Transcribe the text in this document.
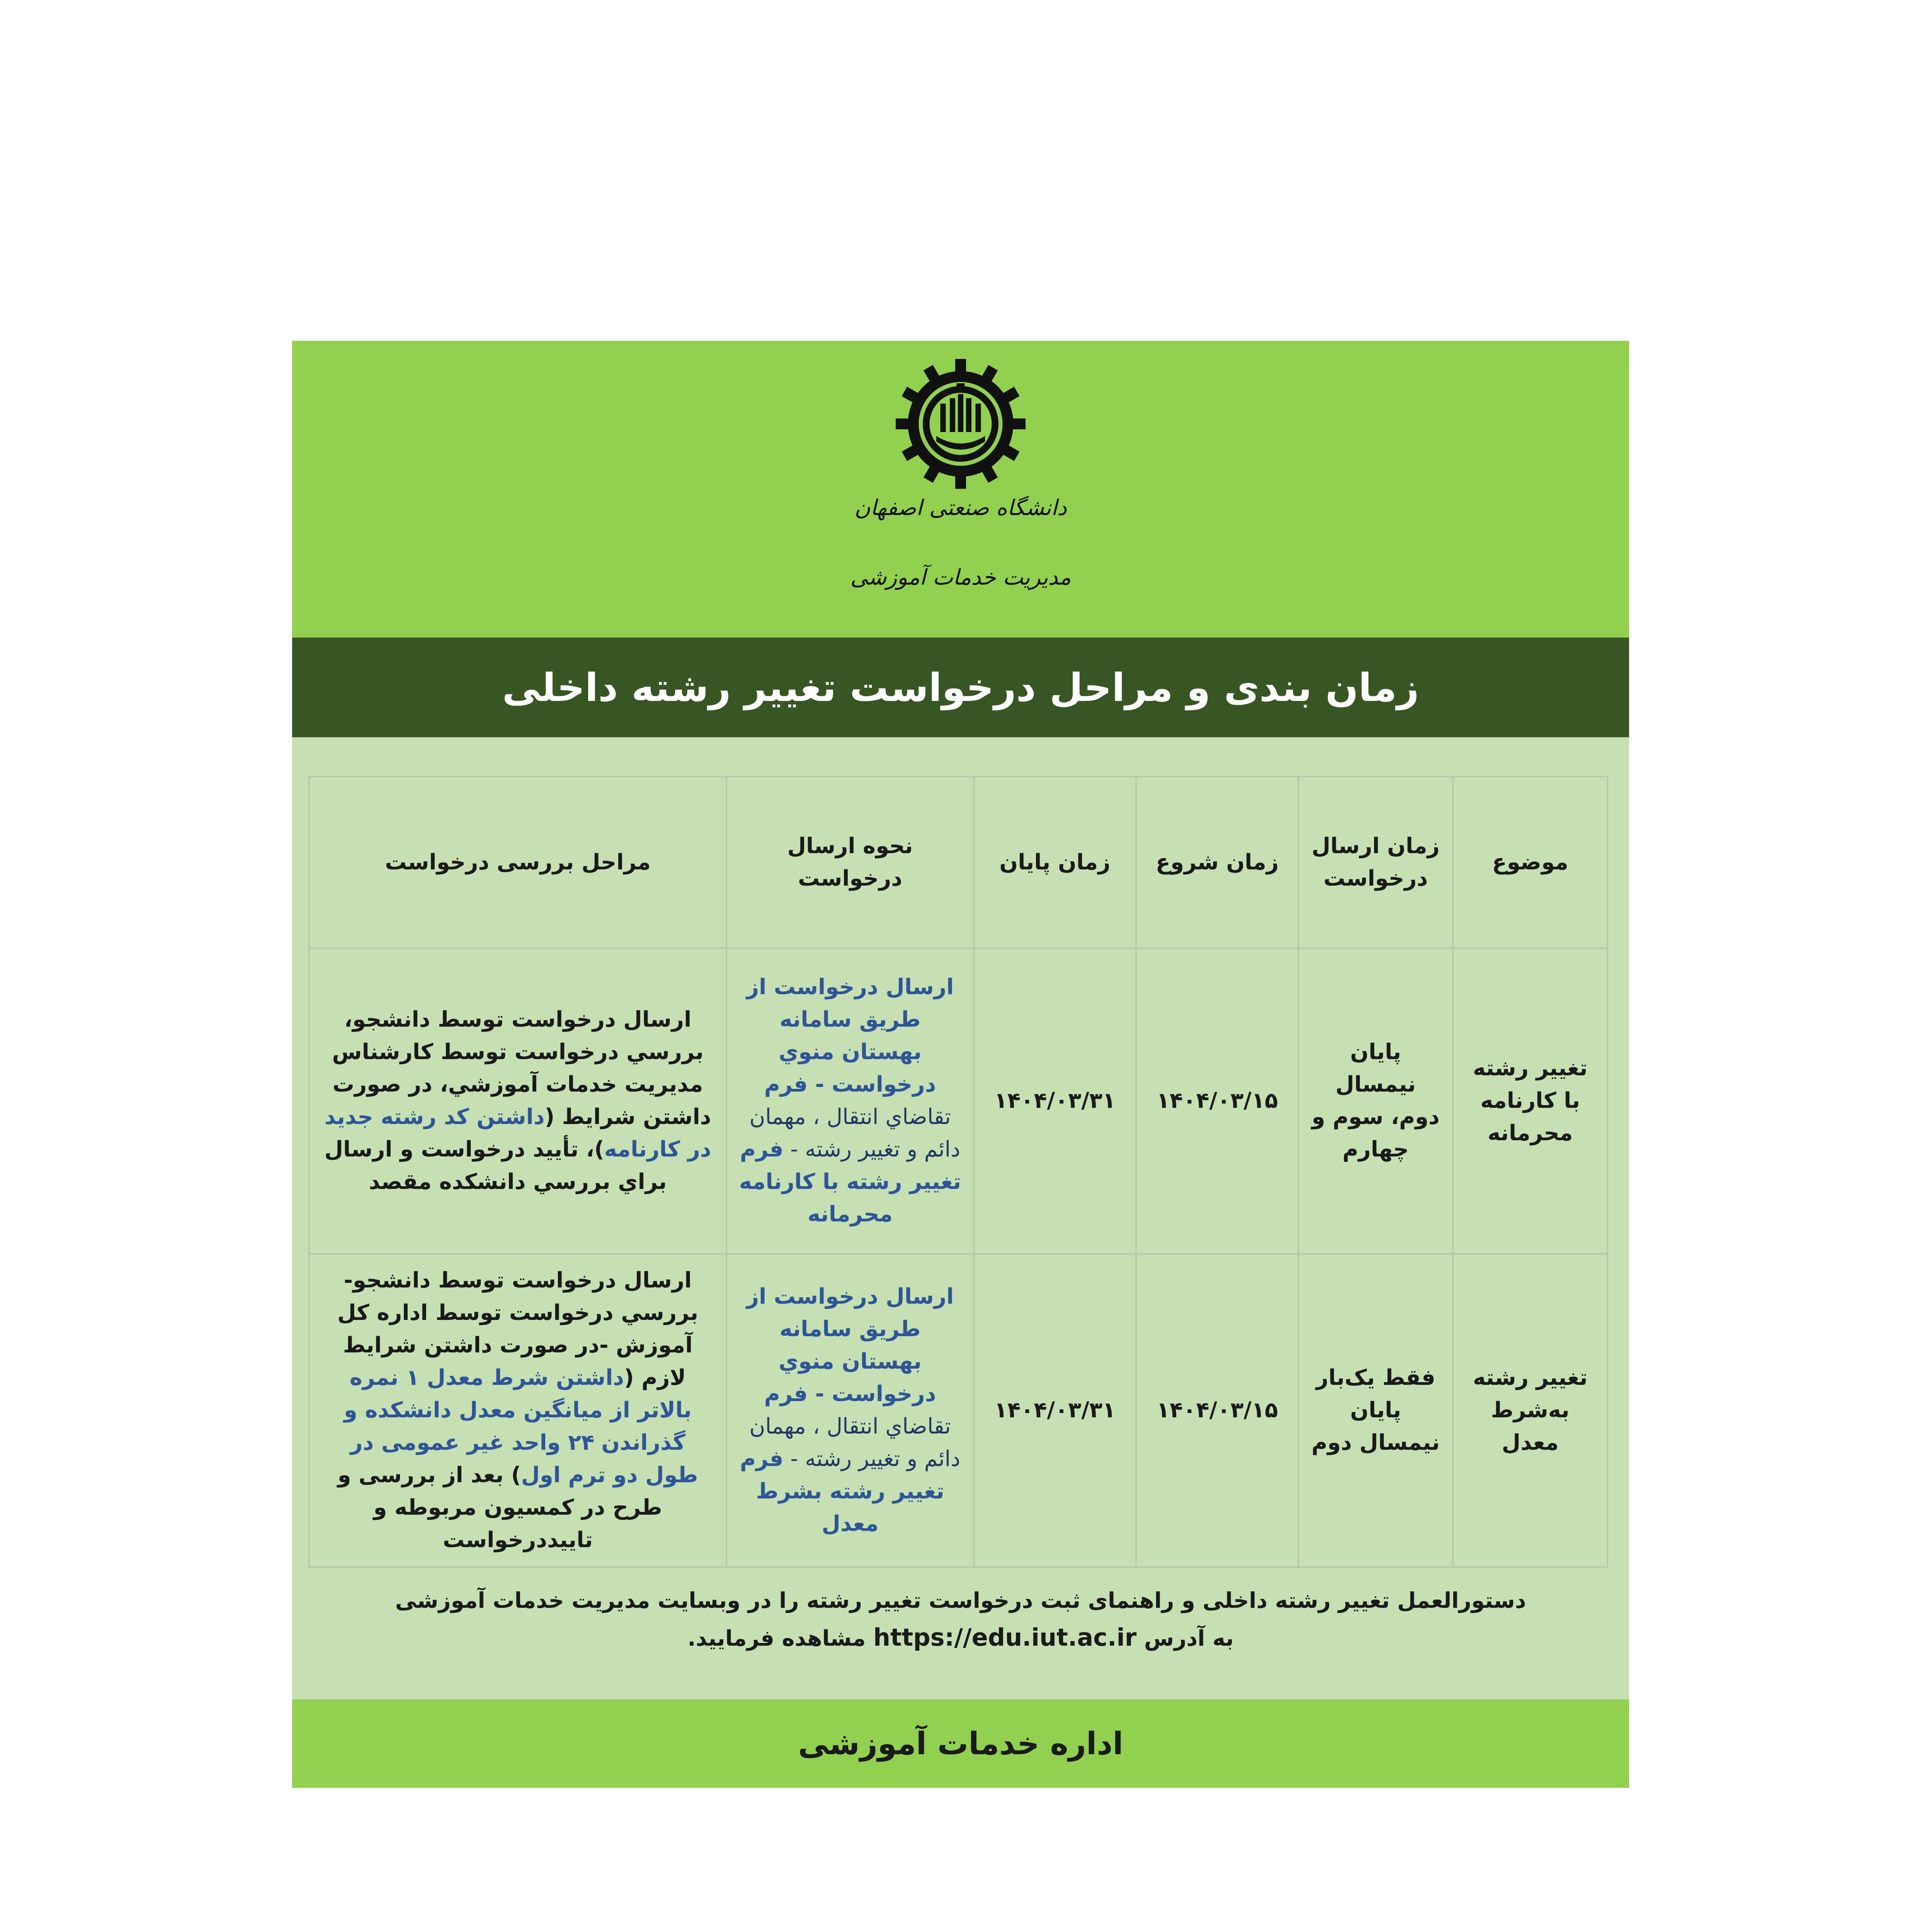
دانشگاه صنعتی اصفهان
مدیریت خدمات آموزشی
زمان بندی و مراحل درخواست تغییر رشته داخلی
موضوع	زمان ارسال درخواست	زمان شروع	زمان پایان	نحوه ارسال درخواست	مراحل بررسی درخواست
تغییر رشته با کارنامه محرمانه	پایان نیمسال دوم، سوم و چهارم	۱۴۰۴/۰۳/۱۵	۱۴۰۴/۰۳/۳۱	ارسال درخواست از طریق سامانه بهستان منوي درخواست - فرم تقاضاي انتقال ، مهمان دائم و تغییر رشته - فرم تغییر رشته با کارنامه محرمانه	ارسال درخواست توسط دانشجو، بررسي درخواست توسط کارشناس مدیریت خدمات آموزشي، در صورت داشتن شرایط (داشتن کد رشته جدید در کارنامه)، تأیید درخواست و ارسال براي بررسي دانشکده مقصد
تغییر رشته به‌شرط معدل	فقط یک‌بار پایان نیمسال دوم	۱۴۰۴/۰۳/۱۵	۱۴۰۴/۰۳/۳۱	ارسال درخواست از طریق سامانه بهستان منوي درخواست - فرم تقاضاي انتقال ، مهمان دائم و تغییر رشته - فرم تغییر رشته بشرط معدل	ارسال درخواست توسط دانشجو- بررسي درخواست توسط اداره کل آموزش -در صورت داشتن شرایط لازم (داشتن شرط معدل ۱ نمره بالاتر از میانگین معدل دانشکده و گذراندن ۲۴ واحد غیر عمومی در طول دو ترم اول) بعد از بررسی و طرح در کمسیون مربوطه و تاییددرخواست
دستورالعمل تغییر رشته داخلی و راهنمای ثبت درخواست تغییر رشته را در وبسایت مدیریت خدمات آموزشی
به آدرس https://edu.iut.ac.ir مشاهده فرمایید.
اداره خدمات آموزشی
